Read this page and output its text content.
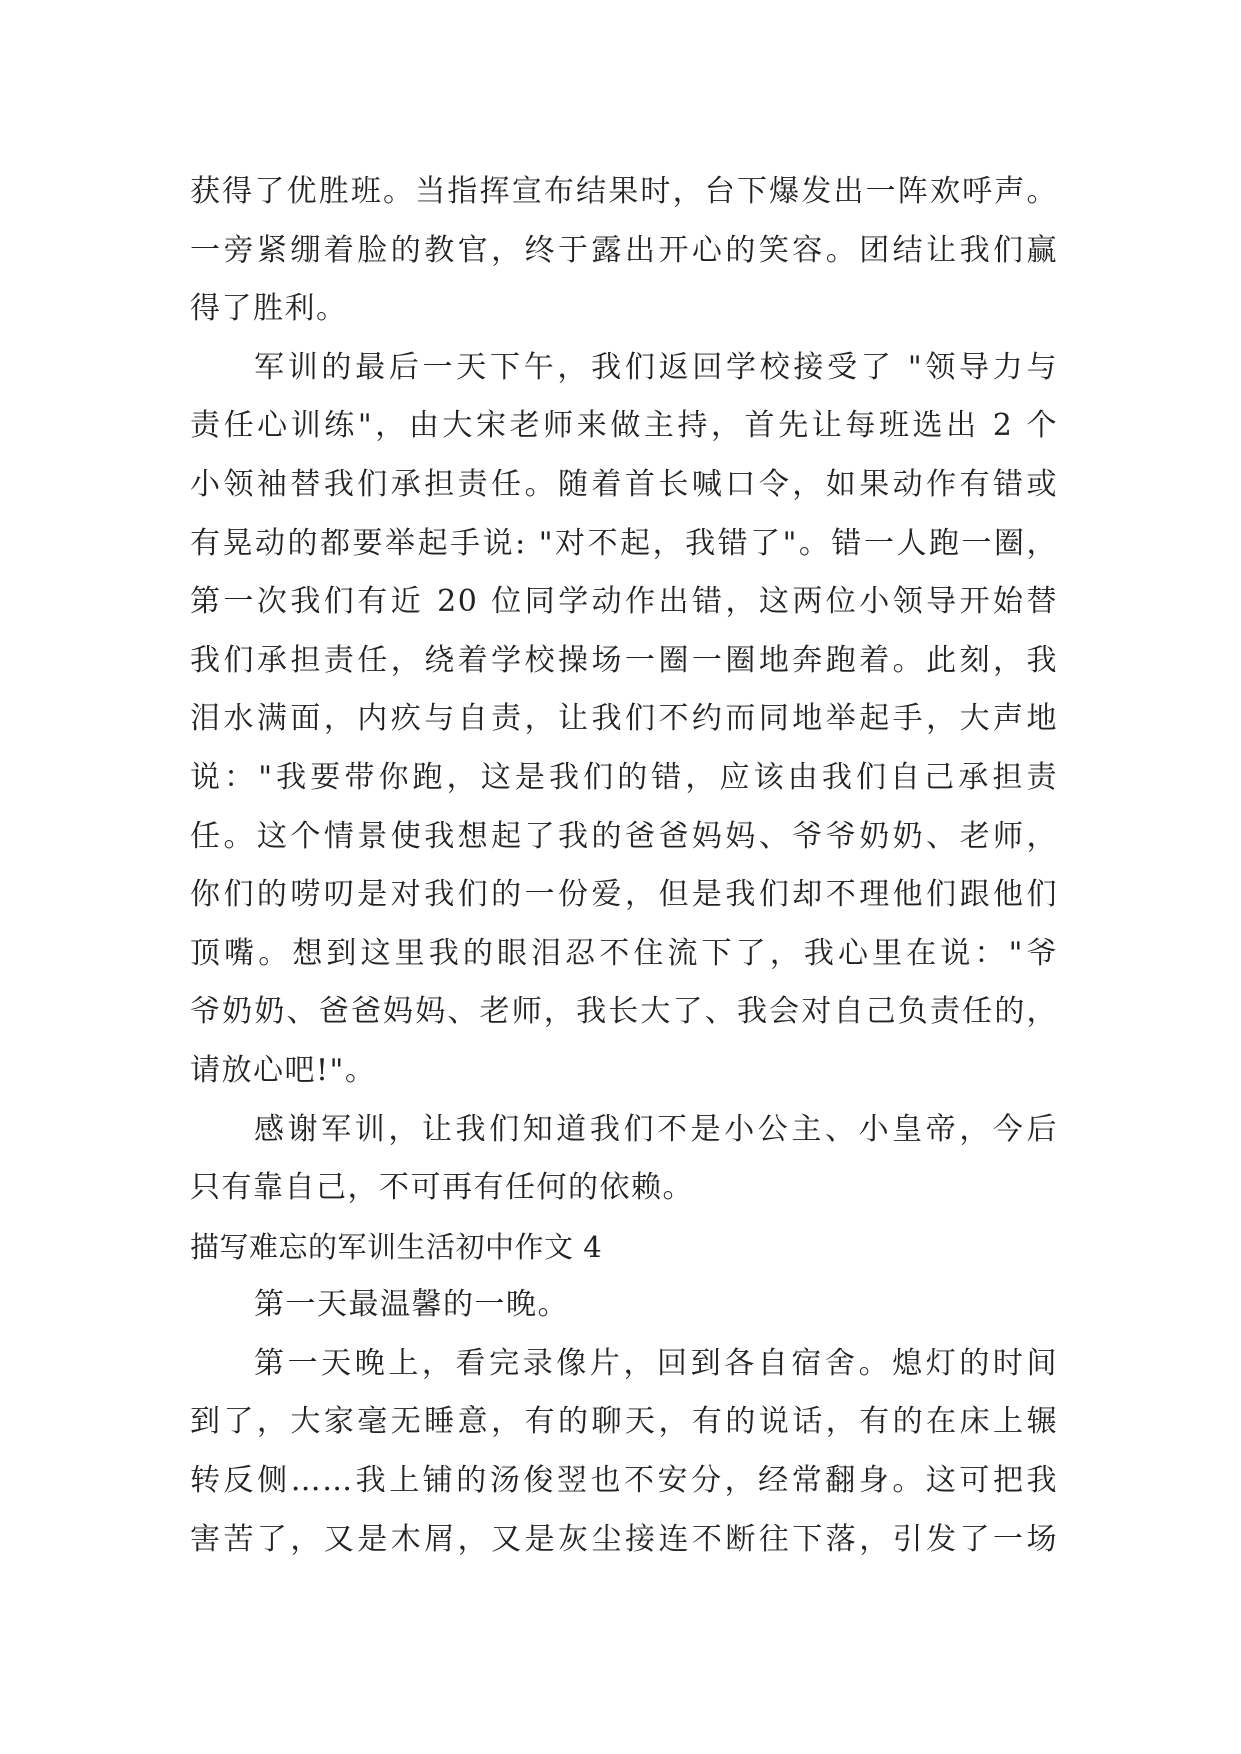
获得了优胜班。当指挥宣布结果时，台下爆发出一阵欢呼声。
一旁紧绷着脸的教官，终于露出开心的笑容。团结让我们赢
得了胜利。
军训的最后一天下午，我们返回学校接受了 "领导力与
责任心训练"，由大宋老师来做主持，首先让每班选出 2 个
小领袖替我们承担责任。随着首长喊口令，如果动作有错或
有晃动的都要举起手说: "对不起，我错了"。错一人跑一圈，
第一次我们有近 20 位同学动作出错，这两位小领导开始替
我们承担责任，绕着学校操场一圈一圈地奔跑着。此刻，我
泪水满面，内疚与自责，让我们不约而同地举起手，大声地
说："我要带你跑，这是我们的错，应该由我们自己承担责
任。这个情景使我想起了我的爸爸妈妈、爷爷奶奶、老师，
你们的唠叨是对我们的一份爱，但是我们却不理他们跟他们
顶嘴。想到这里我的眼泪忍不住流下了，我心里在说："爷
爷奶奶、爸爸妈妈、老师，我长大了、我会对自己负责任的，
请放心吧!"。
感谢军训，让我们知道我们不是小公主、小皇帝，今后
只有靠自己，不可再有任何的依赖。
描写难忘的军训生活初中作文 4
第一天最温馨的一晚。
第一天晚上，看完录像片，回到各自宿舍。熄灯的时间
到了，大家毫无睡意，有的聊天，有的说话，有的在床上辗
转反侧……我上铺的汤俊翌也不安分，经常翻身。这可把我
害苦了，又是木屑，又是灰尘接连不断往下落，引发了一场
